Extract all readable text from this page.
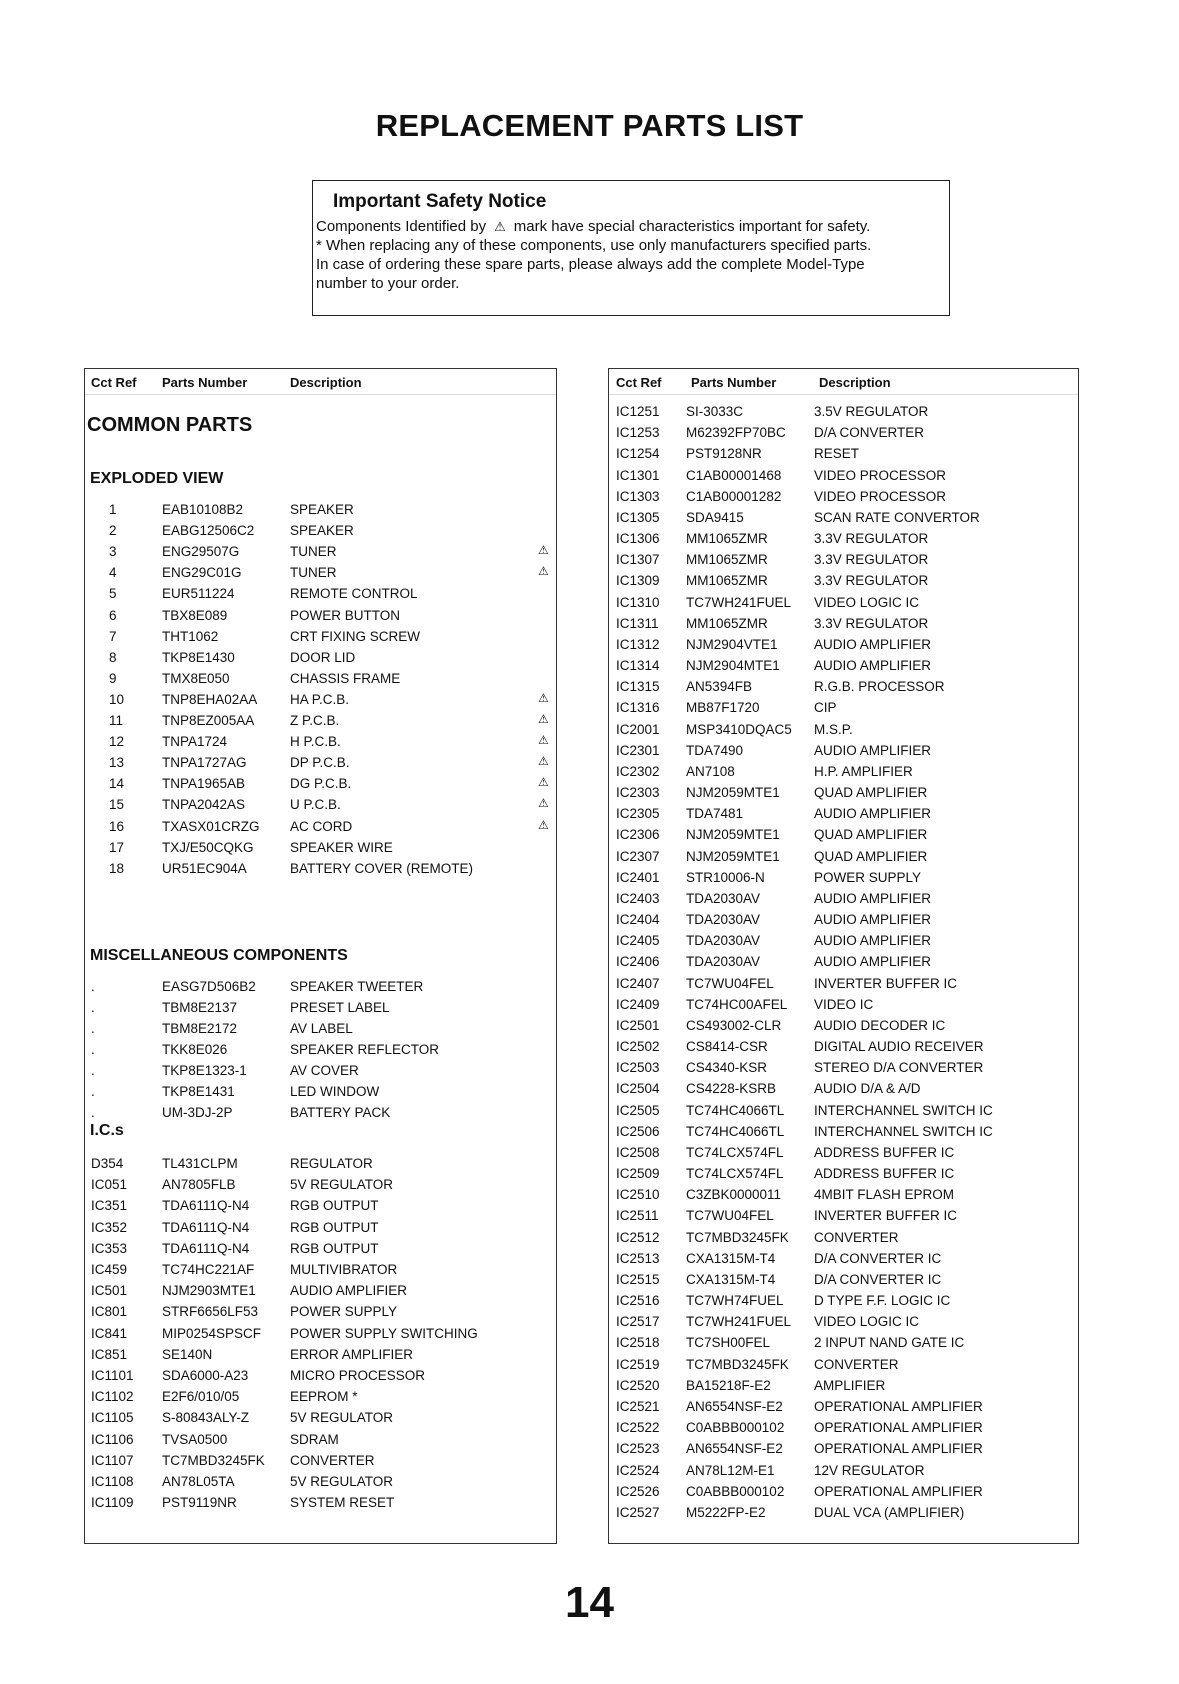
REPLACEMENT PARTS LIST
Important Safety Notice
Components Identified by ⚠ mark have special characteristics important for safety.
* When replacing any of these components, use only manufacturers specified parts.
In case of ordering these spare parts, please always add the complete Model-Type
number to your order.
Cct Ref Parts Number	Description
COMMON PARTS
EXPLODED VIEW
MISCELLANEOUS COMPONENTS
I.C.s
1	EAB10108B2	SPEAKER
2	EABG12506C2	SPEAKER
3	ENG29507G	TUNER	⚠
4	ENG29C01G	TUNER	⚠
5	EUR511224	REMOTE CONTROL
6	TBX8E089	POWER BUTTON
7	THT1062	CRT FIXING SCREW
8	TKP8E1430	DOOR LID
9	TMX8E050	CHASSIS FRAME
10	TNP8EHA02AA HA P.C.B.	⚠
11	TNP8EZ005AA	Z P.C.B.	⚠
12	TNPA1724	H P.C.B.	⚠
13	TNPA1727AG	DP P.C.B.	⚠
14	TNPA1965AB	DG P.C.B.	⚠
15	TNPA2042AS	U P.C.B.	⚠
16	TXASX01CRZG AC CORD	⚠
17	TXJ/E50CQKG	SPEAKER WIRE
18	UR51EC904A	BATTERY COVER (REMOTE)
.	EASG7D506B2	SPEAKER TWEETER
.	TBM8E2137	PRESET LABEL
.	TBM8E2172	AV LABEL
.	TKK8E026	SPEAKER REFLECTOR
.	TKP8E1323-1	AV COVER
.	TKP8E1431	LED WINDOW
.	UM-3DJ-2P	BATTERY PACK
D354	TL431CLPM	REGULATOR
IC051	AN7805FLB	5V REGULATOR
IC351	TDA6111Q-N4	RGB OUTPUT
IC352	TDA6111Q-N4	RGB OUTPUT
IC353	TDA6111Q-N4	RGB OUTPUT
IC459	TC74HC221AF	MULTIVIBRATOR
IC501	NJM2903MTE1	AUDIO AMPLIFIER
IC801	STRF6656LF53 POWER SUPPLY
IC841	MIP0254SPSCF POWER SUPPLY SWITCHING
IC851	SE140N	ERROR AMPLIFIER
IC1101 SDA6000-A23	MICRO PROCESSOR
IC1102 E2F6/010/05	EEPROM *
IC1105 S-80843ALY-Z	5V REGULATOR
IC1106 TVSA0500	SDRAM
IC1107 TC7MBD3245FK CONVERTER
IC1108 AN78L05TA	5V REGULATOR
IC1109 PST9119NR	SYSTEM RESET
Cct Ref Parts Number	Description
IC1251 SI-3033C	3.5V REGULATOR
IC1253 M62392FP70BC D/A CONVERTER
IC1254 PST9128NR	RESET
IC1301 C1AB00001468 VIDEO PROCESSOR
IC1303 C1AB00001282 VIDEO PROCESSOR
IC1305 SDA9415	SCAN RATE CONVERTOR
IC1306 MM1065ZMR	3.3V REGULATOR
IC1307 MM1065ZMR	3.3V REGULATOR
IC1309 MM1065ZMR	3.3V REGULATOR
IC1310 TC7WH241FUEL VIDEO LOGIC IC
IC1311 MM1065ZMR	3.3V REGULATOR
IC1312 NJM2904VTE1	AUDIO AMPLIFIER
IC1314 NJM2904MTE1	AUDIO AMPLIFIER
IC1315 AN5394FB	R.G.B. PROCESSOR
IC1316 MB87F1720	CIP
IC2001 MSP3410DQAC5 M.S.P.
IC2301 TDA7490	AUDIO AMPLIFIER
IC2302 AN7108	H.P. AMPLIFIER
IC2303 NJM2059MTE1	QUAD AMPLIFIER
IC2305 TDA7481	AUDIO AMPLIFIER
IC2306 NJM2059MTE1	QUAD AMPLIFIER
IC2307 NJM2059MTE1	QUAD AMPLIFIER
IC2401 STR10006-N	POWER SUPPLY
IC2403 TDA2030AV	AUDIO AMPLIFIER
IC2404 TDA2030AV	AUDIO AMPLIFIER
IC2405 TDA2030AV	AUDIO AMPLIFIER
IC2406 TDA2030AV	AUDIO AMPLIFIER
IC2407 TC7WU04FEL	INVERTER BUFFER IC
IC2409 TC74HC00AFEL VIDEO IC
IC2501 CS493002-CLR AUDIO DECODER IC
IC2502 CS8414-CSR	DIGITAL AUDIO RECEIVER
IC2503 CS4340-KSR	STEREO D/A CONVERTER
IC2504 CS4228-KSRB	AUDIO D/A & A/D
IC2505 TC74HC4066TL INTERCHANNEL SWITCH IC
IC2506 TC74HC4066TL INTERCHANNEL SWITCH IC
IC2508 TC74LCX574FL ADDRESS BUFFER IC
IC2509 TC74LCX574FL ADDRESS BUFFER IC
IC2510 C3ZBK0000011 4MBIT FLASH EPROM
IC2511 TC7WU04FEL	INVERTER BUFFER IC
IC2512 TC7MBD3245FK CONVERTER
IC2513 CXA1315M-T4	D/A CONVERTER IC
IC2515 CXA1315M-T4	D/A CONVERTER IC
IC2516 TC7WH74FUEL D TYPE F.F. LOGIC IC
IC2517 TC7WH241FUEL VIDEO LOGIC IC
IC2518 TC7SH00FEL	2 INPUT NAND GATE IC
IC2519 TC7MBD3245FK CONVERTER
IC2520 BA15218F-E2	AMPLIFIER
IC2521 AN6554NSF-E2 OPERATIONAL AMPLIFIER
IC2522 C0ABBB000102 OPERATIONAL AMPLIFIER
IC2523 AN6554NSF-E2 OPERATIONAL AMPLIFIER
IC2524 AN78L12M-E1	12V REGULATOR
IC2526 C0ABBB000102 OPERATIONAL AMPLIFIER
IC2527 M5222FP-E2	DUAL VCA (AMPLIFIER)
14
